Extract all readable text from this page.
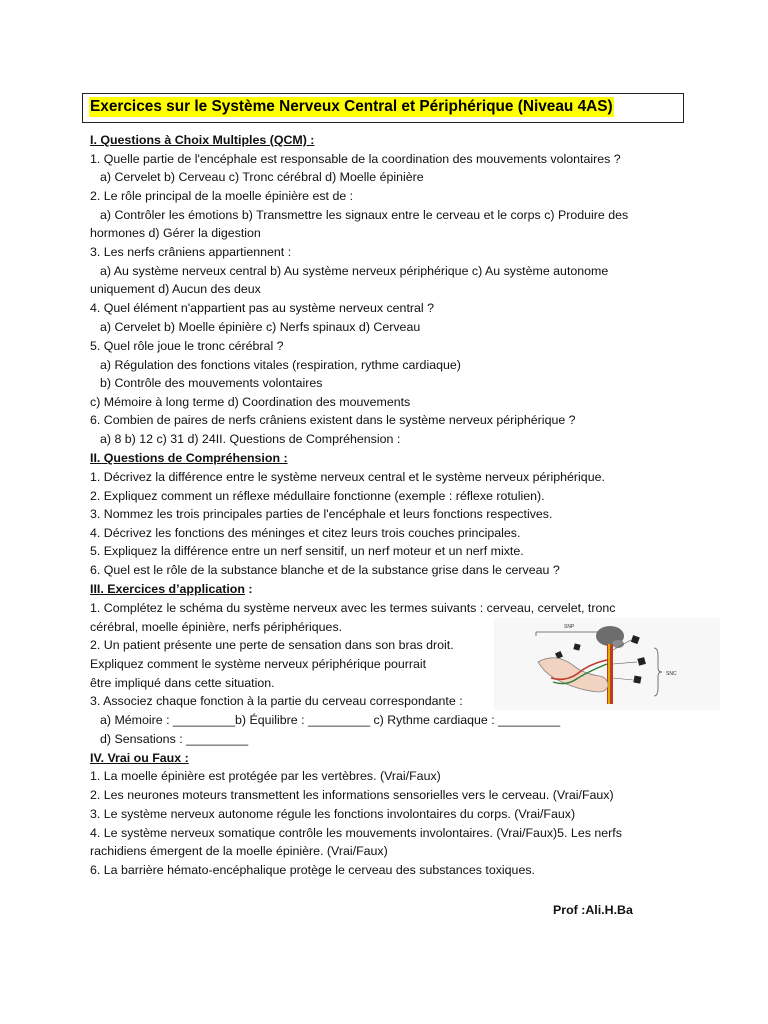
Exercices sur le Système Nerveux Central et Périphérique (Niveau 4AS)
I. Questions à Choix Multiples (QCM) :
1. Quelle partie de l'encéphale est responsable de la coordination des mouvements volontaires ?
a) Cervelet b) Cerveau c) Tronc cérébral d) Moelle épinière
2. Le rôle principal de la moelle épinière est de :
a) Contrôler les émotions b) Transmettre les signaux entre le cerveau et le corps c) Produire des
hormones d) Gérer la digestion
3. Les nerfs crâniens appartiennent :
a) Au système nerveux central b) Au système nerveux périphérique c) Au système autonome
uniquement d) Aucun des deux
4. Quel élément n'appartient pas au système nerveux central ?
a) Cervelet b) Moelle épinière c) Nerfs spinaux d) Cerveau
5. Quel rôle joue le tronc cérébral ?
a) Régulation des fonctions vitales (respiration, rythme cardiaque)
b) Contrôle des mouvements volontaires
c) Mémoire à long terme d) Coordination des mouvements
6. Combien de paires de nerfs crâniens existent dans le système nerveux périphérique ?
a) 8 b) 12 c) 31 d) 24II. Questions de Compréhension :
II. Questions de Compréhension :
1. Décrivez la différence entre le système nerveux central et le système nerveux périphérique.
2. Expliquez comment un réflexe médullaire fonctionne (exemple : réflexe rotulien).
3. Nommez les trois principales parties de l'encéphale et leurs fonctions respectives.
4. Décrivez les fonctions des méninges et citez leurs trois couches principales.
5. Expliquez la différence entre un nerf sensitif, un nerf moteur et un nerf mixte.
6. Quel est le rôle de la substance blanche et de la substance grise dans le cerveau ?
III. Exercices d’application :
1. Complétez le schéma du système nerveux avec les termes suivants : cerveau, cervelet, tronc
cérébral, moelle épinière, nerfs périphériques.
2. Un patient présente une perte de sensation dans son bras droit.
Expliquez comment le système nerveux périphérique pourrait
être impliqué dans cette situation.
3. Associez chaque fonction à la partie du cerveau correspondante :
a) Mémoire : _________b) Équilibre : _________ c) Rythme cardiaque : _________
d) Sensations : _________
SNP
SNC
IV. Vrai ou Faux :
1. La moelle épinière est protégée par les vertèbres. (Vrai/Faux)
2. Les neurones moteurs transmettent les informations sensorielles vers le cerveau. (Vrai/Faux)
3. Le système nerveux autonome régule les fonctions involontaires du corps. (Vrai/Faux)
4. Le système nerveux somatique contrôle les mouvements involontaires. (Vrai/Faux)5. Les nerfs
rachidiens émergent de la moelle épinière. (Vrai/Faux)
6. La barrière hémato-encéphalique protège le cerveau des substances toxiques.
Prof :Ali.H.Ba
